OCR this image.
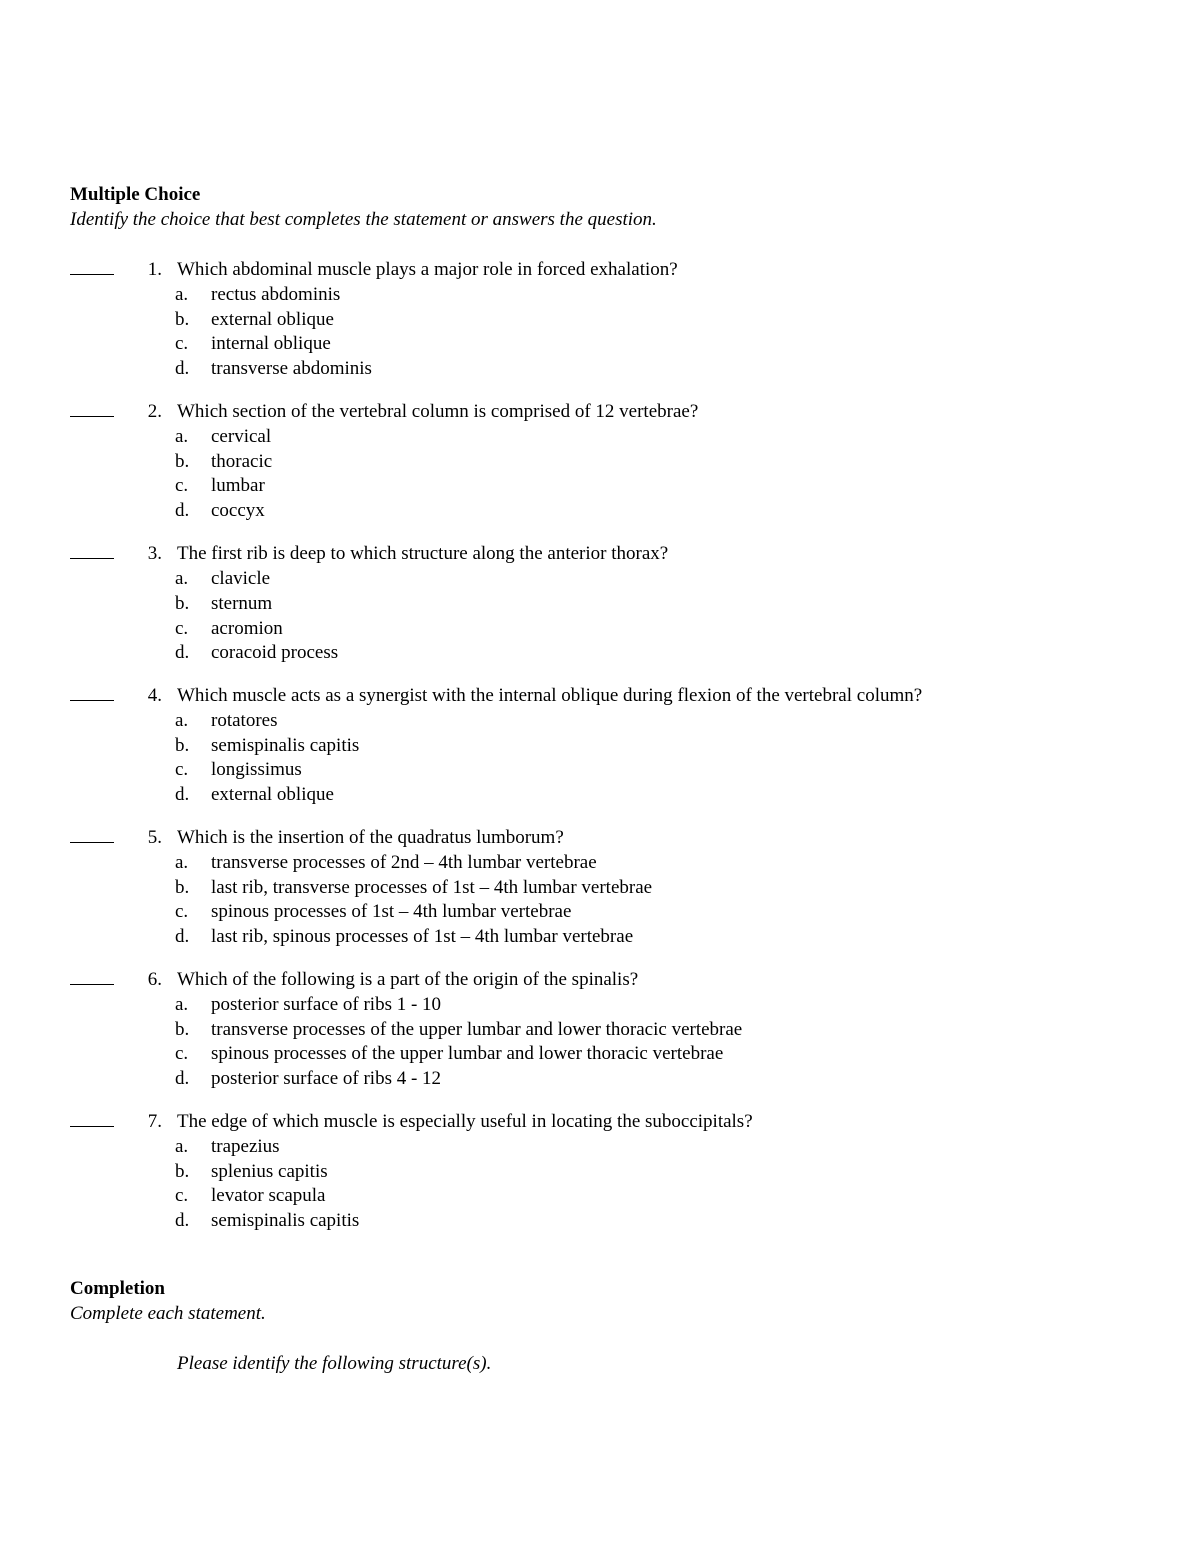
Multiple Choice

Identify the choice that best completes the statement or answers the question.

1. Which abdominal muscle plays a major role in forced exhalation?
a. rectus abdominis
b. external oblique
c. internal oblique
d. transverse abdominis
2. Which section of the vertebral column is comprised of 12 vertebrae?
a. cervical
b. thoracic
c. lumbar
d. coccyx
3. The first rib is deep to which structure along the anterior thorax?
a. clavicle
b. sternum
c. acromion
d. coracoid process
4. Which muscle acts as a synergist with the internal oblique during flexion of the vertebral column?
a. rotatores
b. semispinalis capitis
c. longissimus
d. external oblique
5. Which is the insertion of the quadratus lumborum?
a. transverse processes of 2nd – 4th lumbar vertebrae
b. last rib, transverse processes of 1st – 4th lumbar vertebrae
c. spinous processes of 1st – 4th lumbar vertebrae
d. last rib, spinous processes of 1st – 4th lumbar vertebrae
6. Which of the following is a part of the origin of the spinalis?
a. posterior surface of ribs 1 - 10
b. transverse processes of the upper lumbar and lower thoracic vertebrae
c. spinous processes of the upper lumbar and lower thoracic vertebrae
d. posterior surface of ribs 4 - 12
7. The edge of which muscle is especially useful in locating the suboccipitals?
a. trapezius
b. splenius capitis
c. levator scapula
d. semispinalis capitis
Completion

Complete each statement.

Please identify the following structure(s).
